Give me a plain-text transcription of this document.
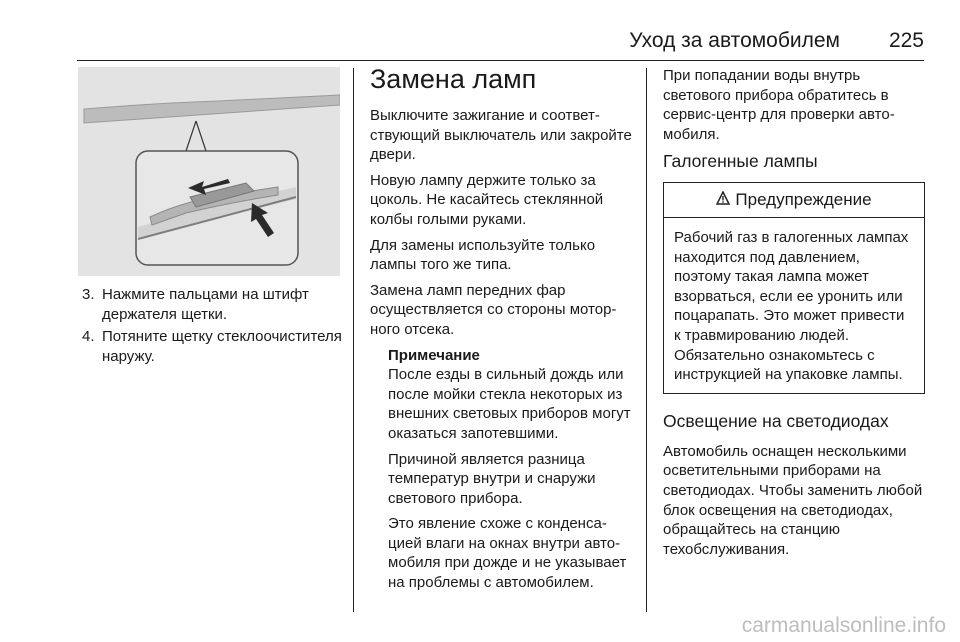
Уход за автомобилем 225
3. Нажмите пальцами на штифт держателя щетки.
4. Потяните щетку стеклоочистителя наружу.
Замена ламп

Выключите зажигание и соответствующий выключатель или закройте двери.

Новую лампу держите только за цоколь. Не касайтесь стеклянной колбы голыми руками.

Для замены используйте только лампы того же типа.

Замена ламп передних фар осуществляется со стороны моторного отсека.

Примечание

После езды в сильный дождь или после мойки стекла некоторых из внешних световых приборов могут оказаться запотевшими.

Причиной является разница температур внутри и снаружи светового прибора.

Это явление схоже с конденсацией влаги на окнах внутри автомобиля при дожде и не указывает на проблемы с автомобилем.

При попадании воды внутрь светового прибора обратитесь в сервис-центр для проверки автомобиля.

Галогенные лампы
Предупреждение
Рабочий газ в галогенных лампах находится под давлением, поэтому такая лампа может взорваться, если ее уронить или поцарапать. Это может привести к травмированию людей. Обязательно ознакомьтесь с инструкцией на упаковке лампы.
Освещение на светодиодах

Автомобиль оснащен несколькими осветительными приборами на светодиодах. Чтобы заменить любой блок освещения на светодиодах, обращайтесь на станцию техобслуживания.

carmanualsonline.info
